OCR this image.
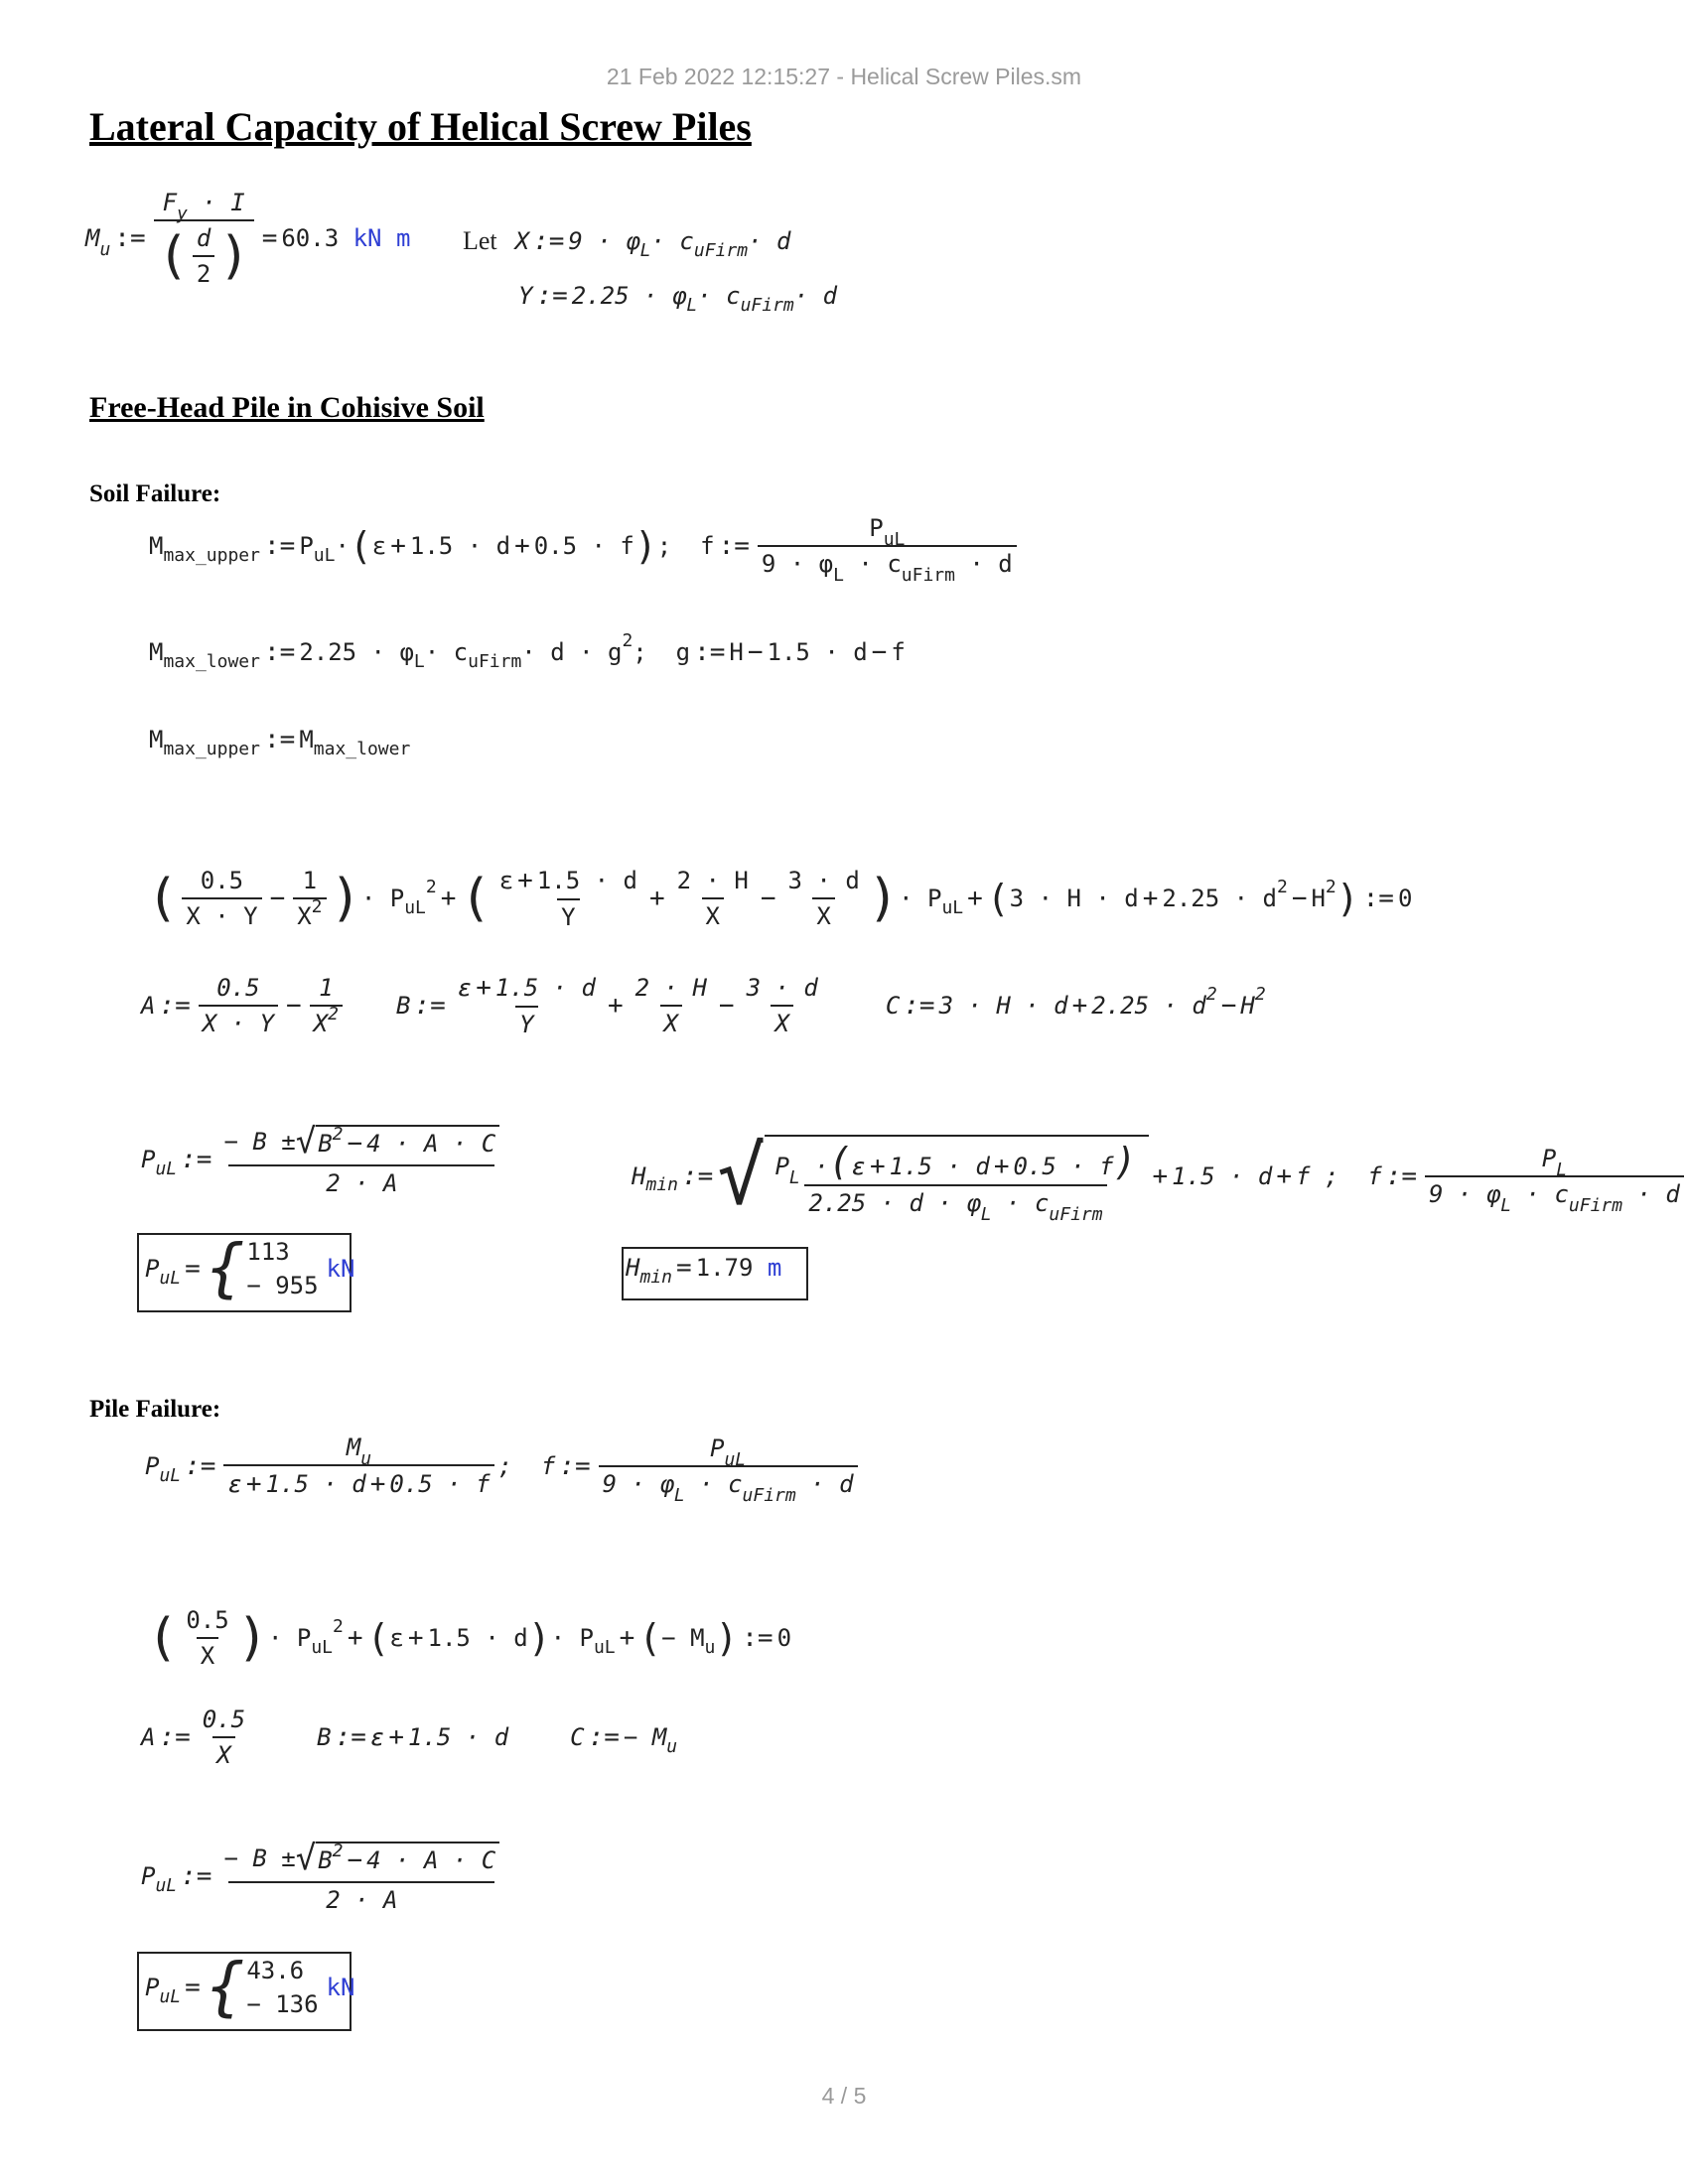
21 Feb 2022 12:15:27 - Helical Screw Piles.sm
Lateral Capacity of Helical Screw Piles
$M_u$ := $\frac{F_y \cdot I}{( \frac{d}{2} )} = 60.3$
kN m Let X := 9 · φ L · c uFirm · d
Y := 2.25 · φ L · c uFirm · d
Free-Head Pile in Cohisive Soil
Soil Failure:
M max_upper := P uL · ( ε + 1.5 · d + 0.5 · f ) ;  f := $\frac{P_{uL}}{9 \cdot \varphi_L \cdot c_{uFirm} \cdot d}$
M max_lower := 2.25 · φ L · c uFirm · d · g 2 ;  g := H − 1.5 · d − f
M max_upper := M max_lower
( $\frac{0.5}{X \cdot Y} - \frac{1}{X^2}$ ) · P uL
2 + ( $\frac{\varepsilon + 1.5 \cdot d}{Y} + \frac{2 \cdot H}{X} - \frac{3 \cdot d}{X}$ ) · P uL + ( 3 · H · d + 2.25 · d 2 − H 2 ) := 0
A := $\frac{0.5}{X \cdot Y} - \frac{1}{X^2}$ B := $\frac{\varepsilon + 1.5 \cdot d}{Y} + \frac{2 \cdot H}{X} - \frac{3 \cdot d}{X}$	C := 3 · H · d + 2.25 · d 2 − H 2
P uL := $\frac{- B \pm √ B^2 - 4 \cdot A \cdot C}{2 \cdot A}$
P uL = { 113
− 955
kN
H min := √ $\frac{P_L \cdot(\varepsilon + 1.5 \cdot d + 0.5 \cdot f)}{2.25 \cdot d \cdot \varphi_L \cdot c_{uFirm}} + 1.5 \cdot d + f$ ;  f := $\frac{P_L}{9 \cdot \varphi_L \cdot c_{uFirm} \cdot d}$
H min = 1.79
m
Pile Failure:
P uL := $\frac{M_u}{\varepsilon + 1.5 \cdot d + 0.5 \cdot f}$ ;  f := $\frac{P_{uL}}{9 \cdot \varphi_L \cdot c_{uFirm} \cdot d}$
( $\frac{0.5}{X}$ ) · P uL
2 + ( ε + 1.5 · d ) · P uL + ( − M u ) := 0
A := $\frac{0.5}{X}$	B := ε + 1.5 · d	C := − M u
P uL := $\frac{- B \pm √ B^2 - 4 \cdot A \cdot C}{2 \cdot A}$
P uL = { 43.6
− 136
kN
4 / 5
